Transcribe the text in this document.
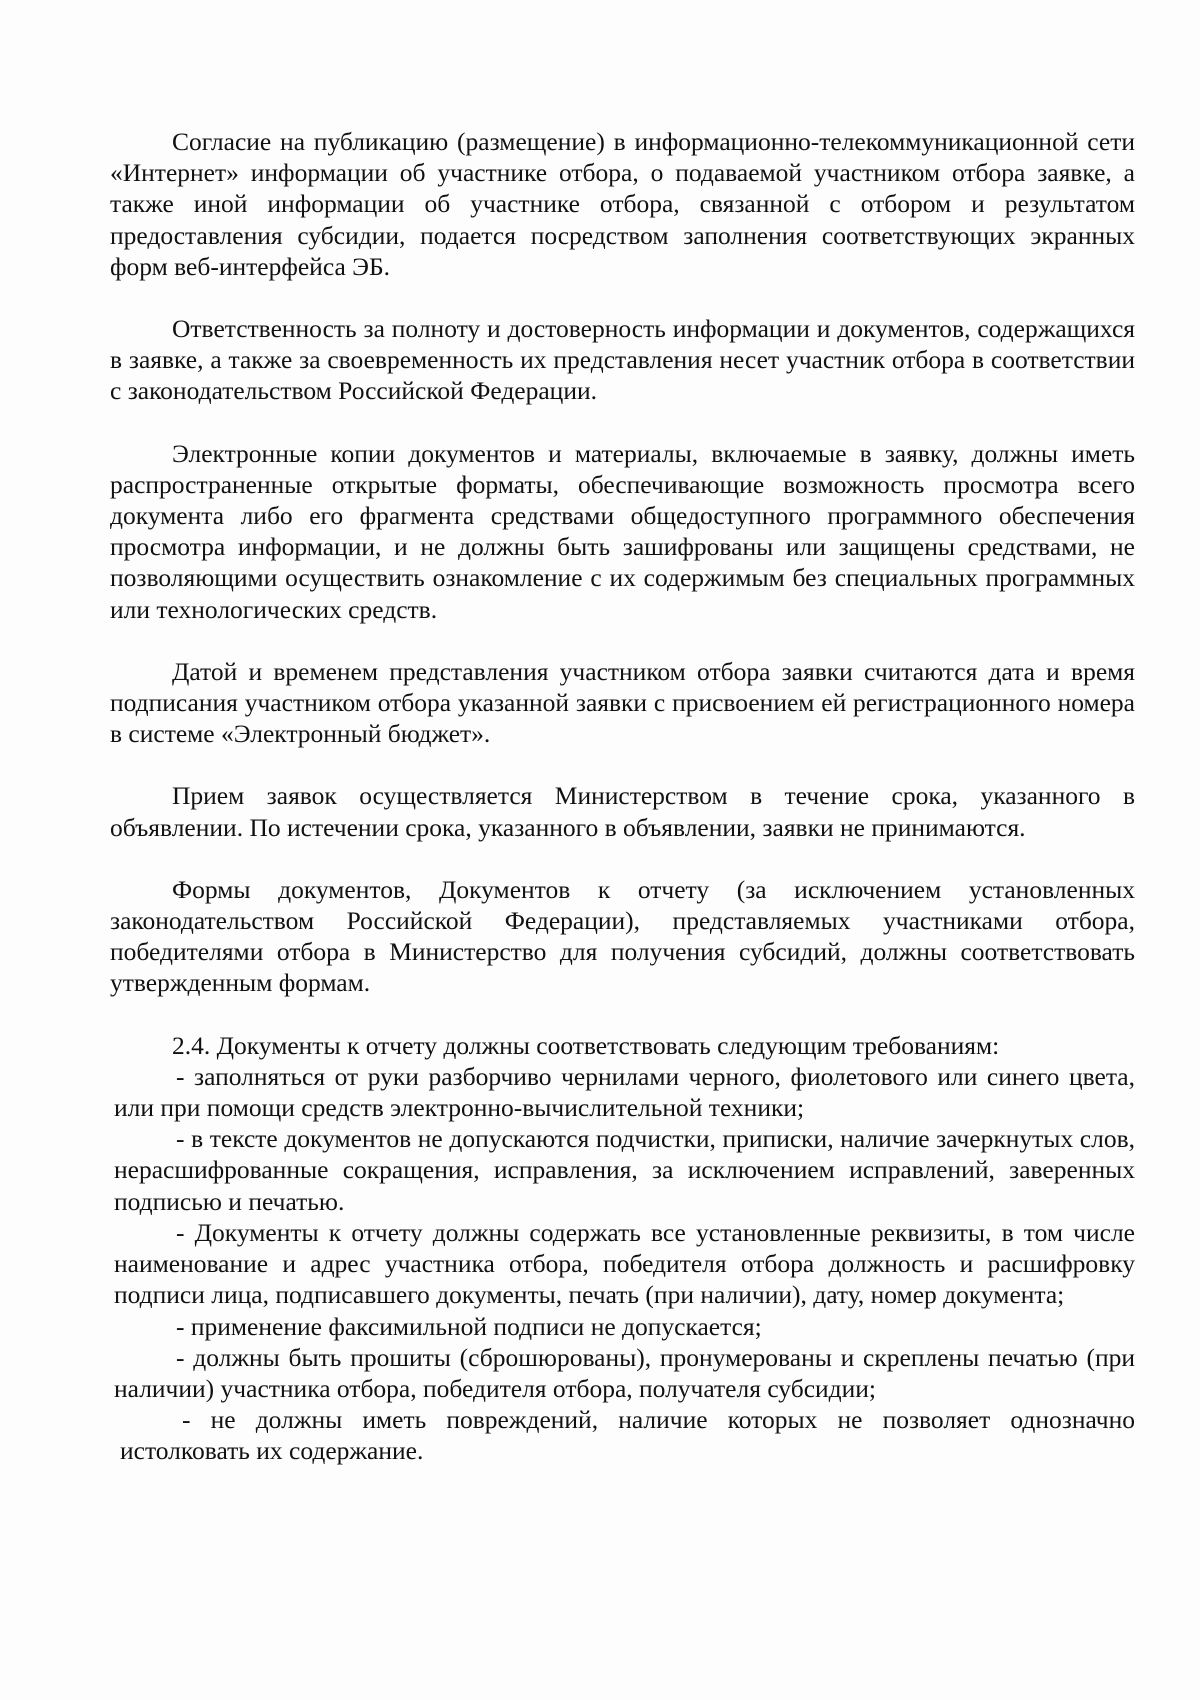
Согласие на публикацию (размещение) в информационно-телекоммуникационной сети «Интернет» информации об участнике отбора, о подаваемой участником отбора заявке, а также иной информации об участнике отбора, связанной с отбором и результатом предоставления субсидии, подается посредством заполнения соответствующих экранных форм веб-интерфейса ЭБ.

Ответственность за полноту и достоверность информации и документов, содержащихся в заявке, а также за своевременность их представления несет участник отбора в соответствии с законодательством Российской Федерации.

Электронные копии документов и материалы, включаемые в заявку, должны иметь распространенные открытые форматы, обеспечивающие возможность просмотра всего документа либо его фрагмента средствами общедоступного программного обеспечения просмотра информации, и не должны быть зашифрованы или защищены средствами, не позволяющими осуществить ознакомление с их содержимым без специальных программных или технологических средств.

Датой и временем представления участником отбора заявки считаются дата и время подписания участником отбора указанной заявки с присвоением ей регистрационного номера в системе «Электронный бюджет».

Прием заявок осуществляется Министерством в течение срока, указанного в объявлении. По истечении срока, указанного в объявлении, заявки не принимаются.

Формы документов, Документов к отчету (за исключением установленных законодательством Российской Федерации), представляемых участниками отбора, победителями отбора в Министерство для получения субсидий, должны соответствовать утвержденным формам.

2.4. Документы к отчету должны соответствовать следующим требованиям:

- заполняться от руки разборчиво чернилами черного, фиолетового или синего цвета, или при помощи средств электронно-вычислительной техники;

- в тексте документов не допускаются подчистки, приписки, наличие зачеркнутых слов, нерасшифрованные сокращения, исправления, за исключением исправлений, заверенных подписью и печатью.

- Документы к отчету должны содержать все установленные реквизиты, в том числе наименование и адрес участника отбора, победителя отбора должность и расшифровку подписи лица, подписавшего документы, печать (при наличии), дату, номер документа;

- применение факсимильной подписи не допускается;

- должны быть прошиты (сброшюрованы), пронумерованы и скреплены печатью (при наличии) участника отбора, победителя отбора, получателя субсидии;

- не должны иметь повреждений, наличие которых не позволяет однозначно истолковать их содержание.
